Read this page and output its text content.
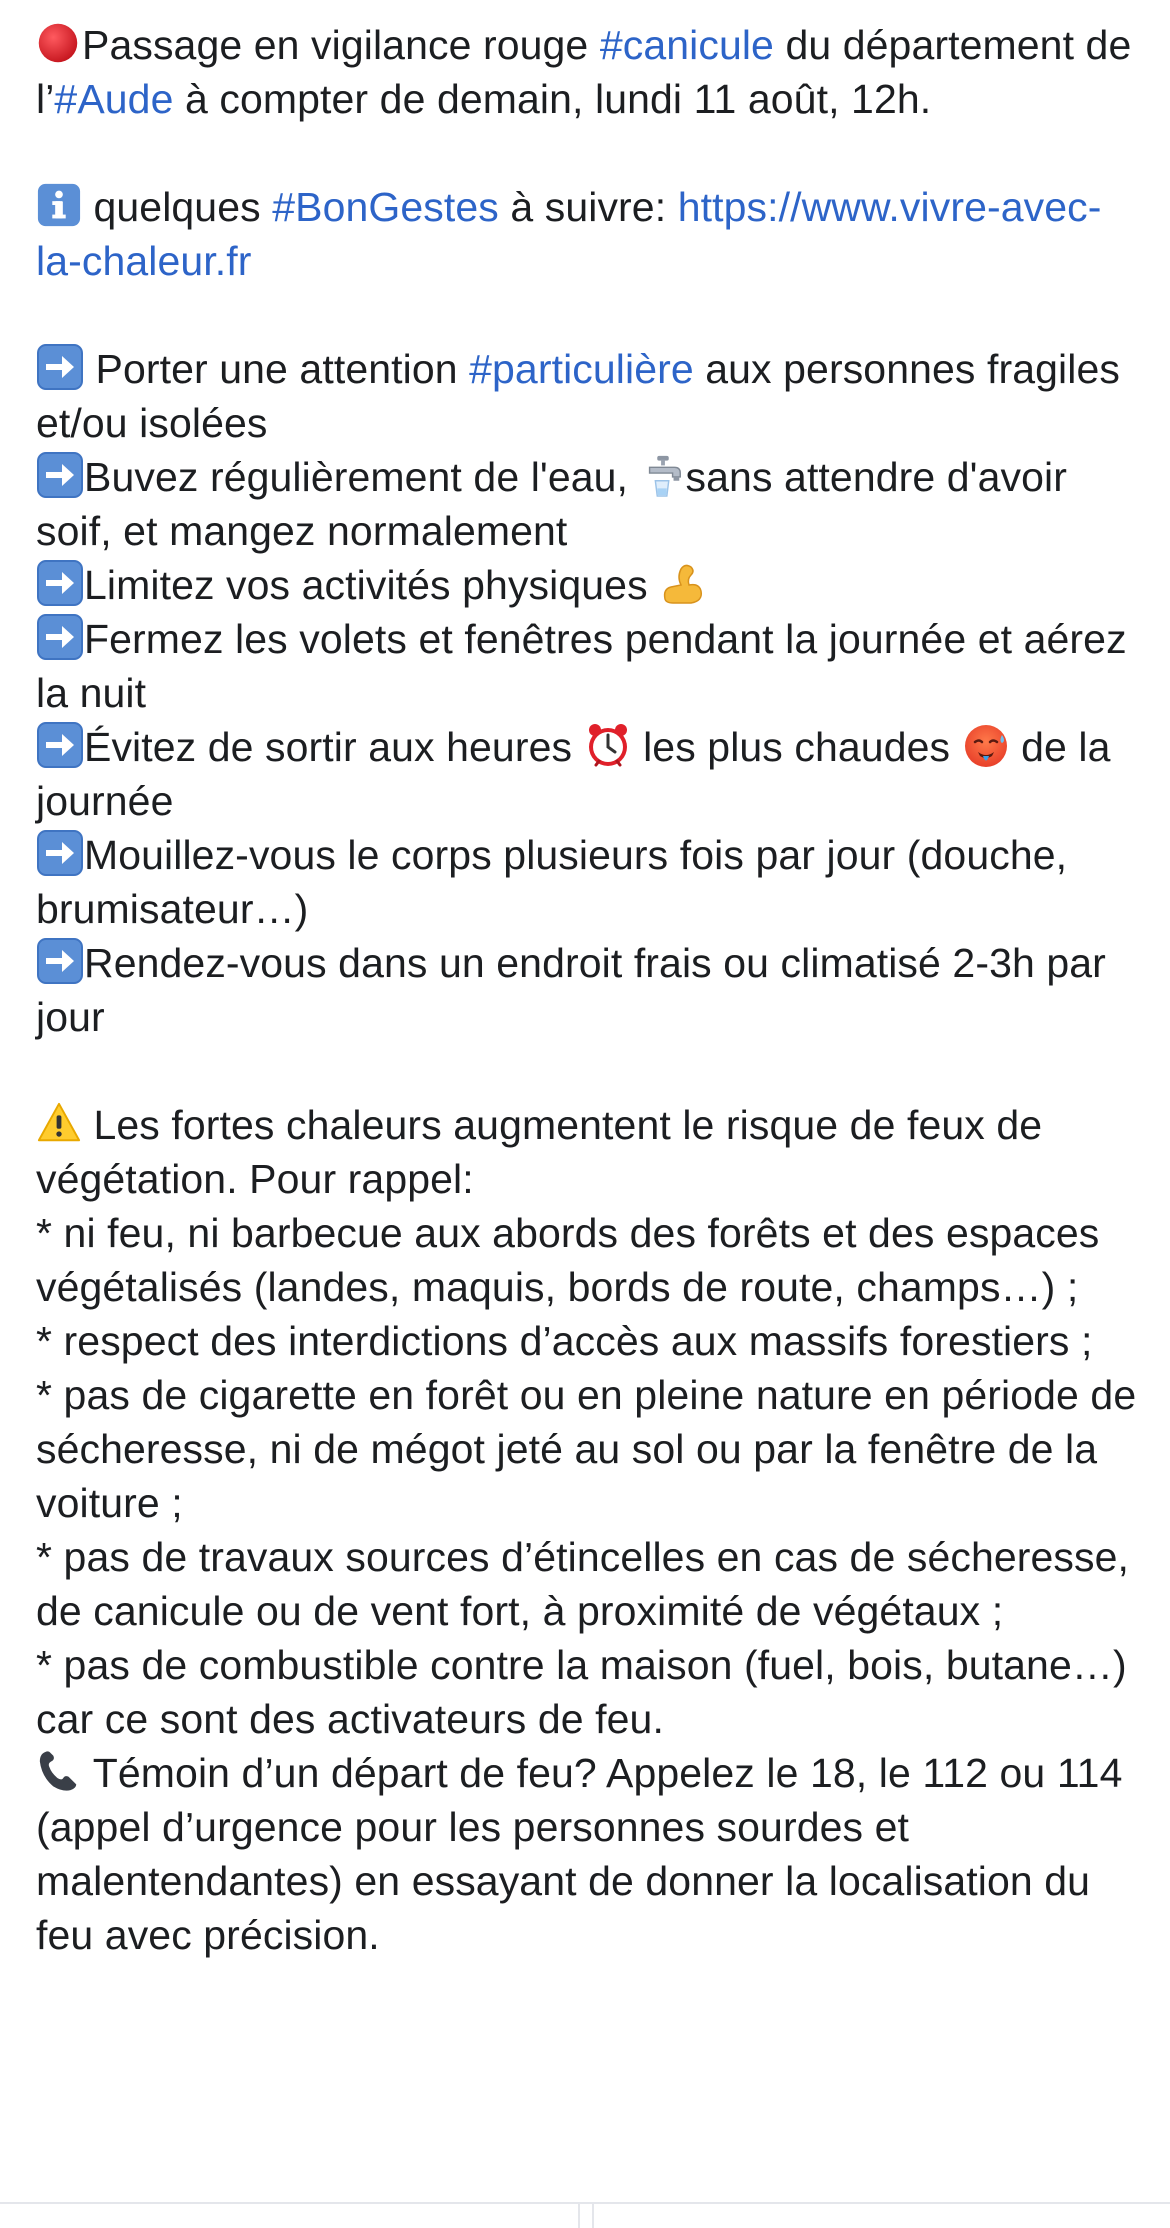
Passage en vigilance rouge #canicule du département de l’#Aude à compter de demain, lundi 11 août, 12h.

quelques #BonGestes à suivre: https://www.vivre-avec-la-chaleur.fr

Porter une attention #particulière aux personnes fragiles et/ou isolées
Buvez régulièrement de l'eau,
sans attendre d'avoir soif, et mangez normalement
Limitez vos activités physiques
Fermez les volets et fenêtres pendant la journée et aérez la nuit
Évitez de sortir aux heures
les plus chaudes
de la journée
Mouillez-vous le corps plusieurs fois par jour (douche, brumisateur…)
Rendez-vous dans un endroit frais ou climatisé 2-3h par jour
Les fortes chaleurs augmentent le risque de feux de végétation. Pour rappel:
* ni feu, ni barbecue aux abords des forêts et des espaces végétalisés (landes, maquis, bords de route, champs…) ;
* respect des interdictions d’accès aux massifs forestiers ;
* pas de cigarette en forêt ou en pleine nature en période de sécheresse, ni de mégot jeté au sol ou par la fenêtre de la voiture ;
* pas de travaux sources d’étincelles en cas de sécheresse, de canicule ou de vent fort, à proximité de végétaux ;
* pas de combustible contre la maison (fuel, bois, butane…) car ce sont des activateurs de feu.
Témoin d’un départ de feu? Appelez le 18, le 112 ou 114 (appel d’urgence pour les personnes sourdes et malentendantes) en essayant de donner la localisation du feu avec précision.
